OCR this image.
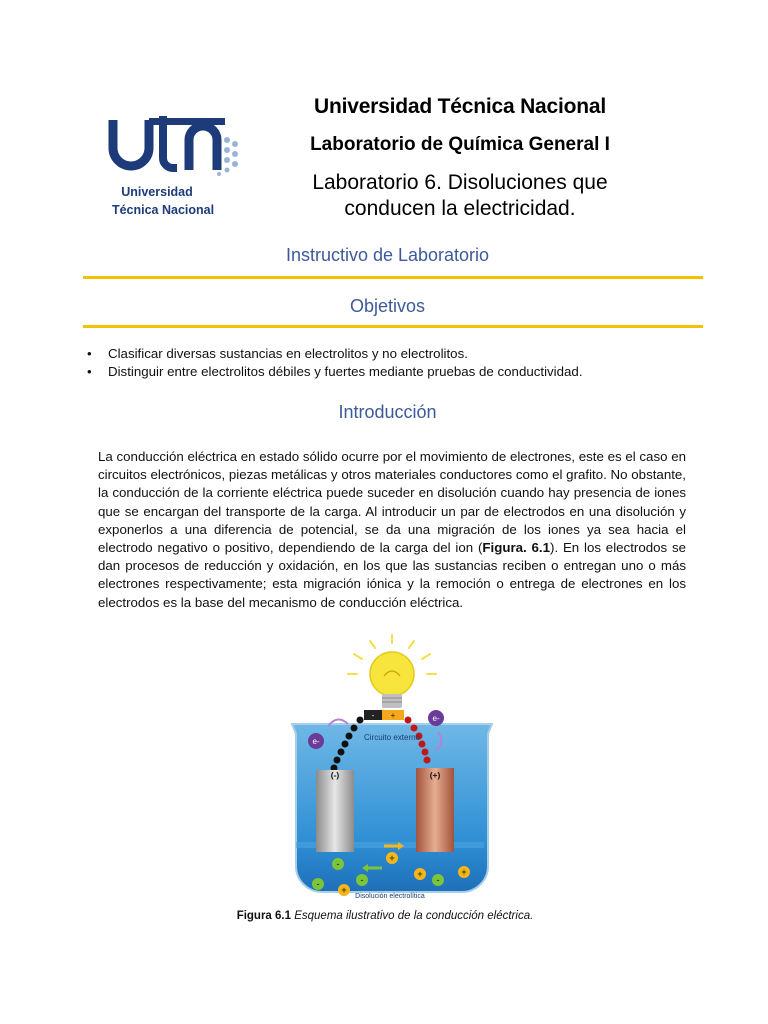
Universidad
Técnica Nacional
Universidad Técnica Nacional
Laboratorio de Química General I
Laboratorio 6. Disoluciones que
conducen la electricidad.
Instructivo de Laboratorio
Objetivos
• Clasificar diversas sustancias en electrolitos y no electrolitos.
• Distinguir entre electrolitos débiles y fuertes mediante pruebas de conductividad.
Introducción
La conducción eléctrica en estado sólido ocurre por el movimiento de electrones, este es el caso en circuitos electrónicos, piezas metálicas y otros materiales conductores como el grafito. No obstante, la conducción de la corriente eléctrica puede suceder en disolución cuando hay presencia de iones que se encargan del transporte de la carga. Al introducir un par de electrodos en una disolución y exponerlos a una diferencia de potencial, se da una migración de los iones ya sea hacia el electrodo negativo o positivo, dependiendo de la carga del ion (Figura. 6.1). En los electrodos se dan procesos de reducción y oxidación, en los que las sustancias reciben o entregan uno o más electrones respectivamente; esta migración iónica y la remoción o entrega de electrones en los electrodos es la base del mecanismo de conducción eléctrica.
- +
Circuito externo
e-
e-
(-)	(+)
-
-	-
+
+
-
+
+
Disolución electrolítica
Figura 6.1 Esquema ilustrativo de la conducción eléctrica.
